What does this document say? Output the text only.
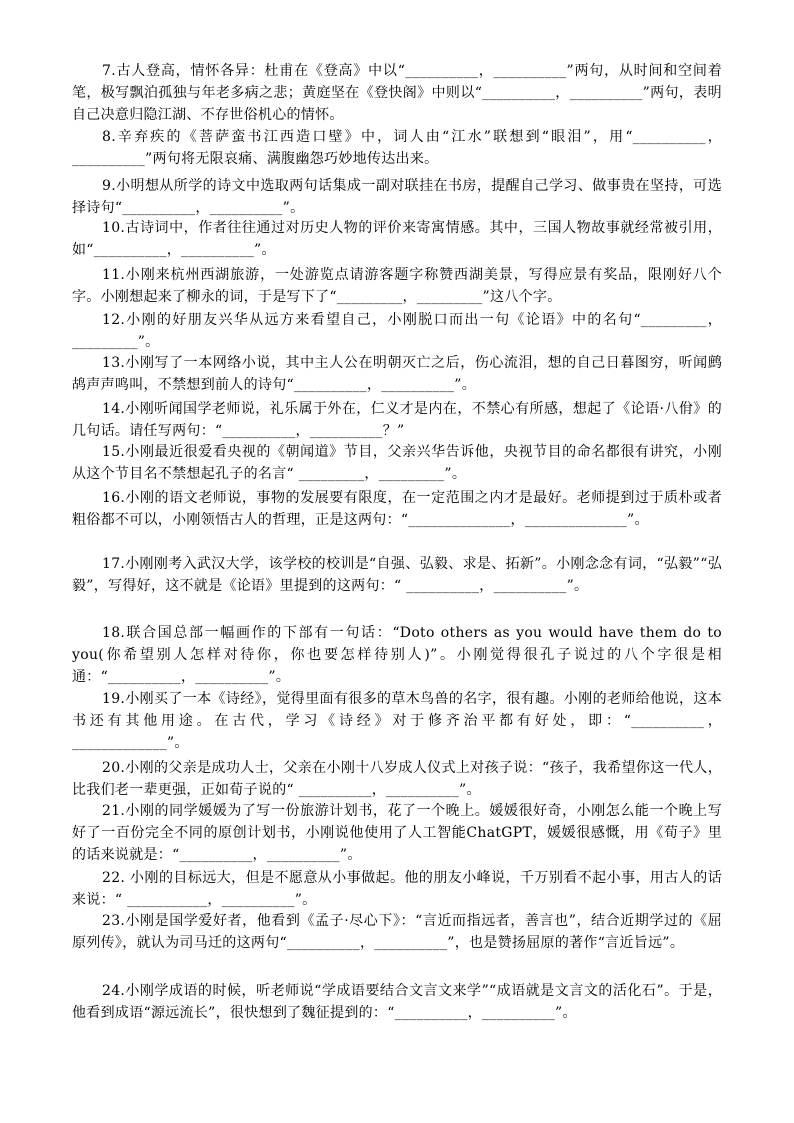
7.古人登高，情怀各异：杜甫在《登高》中以“__________，__________”两句，从时间和空间着笔，极写飘泊孤独与年老多病之悲；黄庭坚在《登快阁》中则以“__________，__________”两句，表明自己决意归隐江湖、不存世俗机心的情怀。
8.辛弃疾的《菩萨蛮书江西造口壁》中，词人由“江水”联想到“眼泪”，用“__________，__________”两句将无限哀痛、满腹幽怨巧妙地传达出来。
9.小明想从所学的诗文中选取两句话集成一副对联挂在书房，提醒自己学习、做事贵在坚持，可选择诗句“__________，__________”。
10.古诗词中，作者往往通过对历史人物的评价来寄寓情感。其中，三国人物故事就经常被引用，如“__________，__________”。
11.小刚来杭州西湖旅游，一处游览点请游客题字称赞西湖美景，写得应景有奖品，限刚好八个字。小刚想起来了柳永的词，于是写下了“_________，_________”这八个字。
12.小刚的好朋友兴华从远方来看望自己，小刚脱口而出一句《论语》中的名句“_________，_________”。
13.小刚写了一本网络小说，其中主人公在明朝灭亡之后，伤心流泪，想的自己日暮图穷，听闻鹧鸪声声鸣叫，不禁想到前人的诗句“__________，__________”。
14.小刚听闻国学老师说，礼乐属于外在，仁义才是内在，不禁心有所感，想起了《论语·八佾》的几句话。请任写两句：“__________，__________？”
15.小刚最近很爱看央视的《朝闻道》节目，父亲兴华告诉他，央视节目的命名都很有讲究，小刚从这个节目名不禁想起孔子的名言“ _________，_________”。
16.小刚的语文老师说，事物的发展要有限度，在一定范围之内才是最好。老师提到过于质朴或者粗俗都不可以，小刚领悟古人的哲理，正是这两句：“______________，______________”。
17.小刚刚考入武汉大学，该学校的校训是“自强、弘毅、求是、拓新”。小刚念念有词，“弘毅”“弘毅”，写得好，这不就是《论语》里提到的这两句：“ __________，__________”。
18.联合国总部一幅画作的下部有一句话：“Doto others as you would have them do to you(你希望别人怎样对待你，你也要怎样待别人)”。小刚觉得很孔子说过的八个字很是相通：“__________，__________”。
19.小刚买了一本《诗经》，觉得里面有很多的草木鸟兽的名字，很有趣。小刚的老师给他说，这本书还有其他用途。在古代，学习《诗经》对于修齐治平都有好处，即：“__________，_____________”。
20.小刚的父亲是成功人士，父亲在小刚十八岁成人仪式上对孩子说：“孩子，我希望你这一代人，比我们老一辈更强，正如荀子说的“ __________，__________”。
21.小刚的同学媛媛为了写一份旅游计划书，花了一个晚上。媛媛很好奇，小刚怎么能一个晚上写好了一百份完全不同的原创计划书，小刚说他使用了人工智能ChatGPT，媛媛很感慨，用《荀子》里的话来说就是：“__________，__________”。
22. 小刚的目标远大，但是不愿意从小事做起。他的朋友小峰说，千万别看不起小事，用古人的话来说：“ ___________，__________”。
23.小刚是国学爱好者，他看到《孟子·尽心下》：“言近而指远者，善言也”，结合近期学过的《屈原列传》，就认为司马迁的这两句“__________，__________”，也是赞扬屈原的著作“言近旨远”。
24.小刚学成语的时候，听老师说“学成语要结合文言文来学”“成语就是文言文的活化石”。于是，他看到成语“源远流长”，很快想到了魏征提到的：“__________，__________”。
